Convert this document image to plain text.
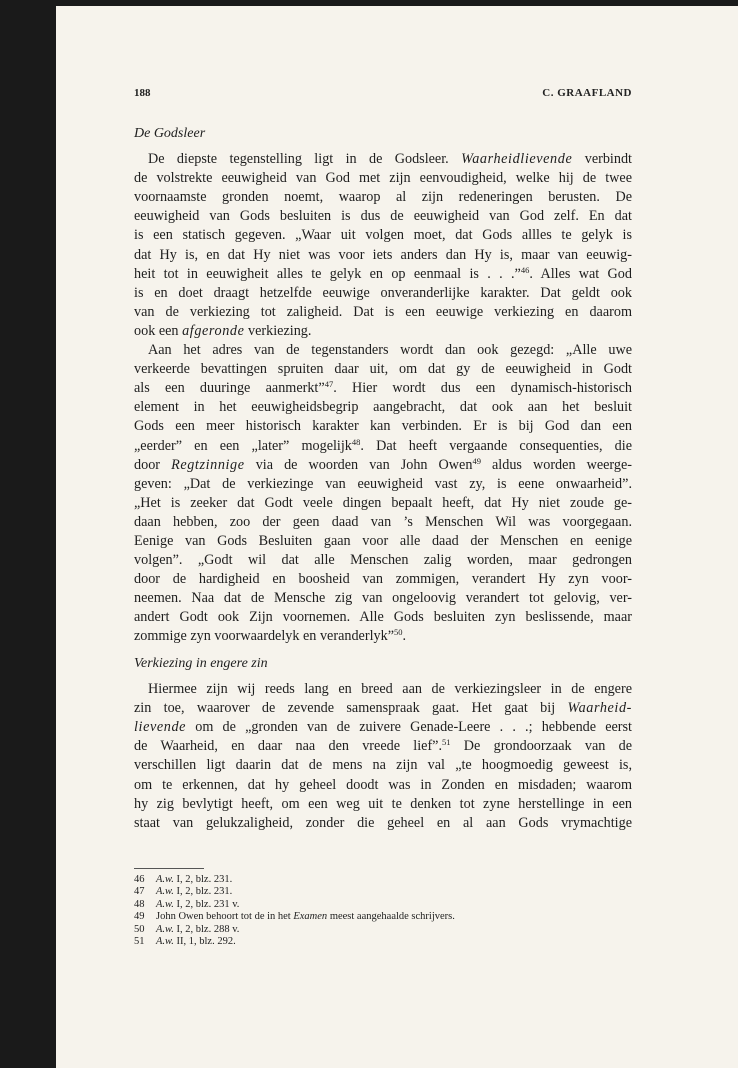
188	C. GRAAFLAND
De Godsleer
De diepste tegenstelling ligt in de Godsleer. Waarheidlievende verbindt
de volstrekte eeuwigheid van God met zijn eenvoudigheid, welke hij de twee
voornaamste gronden noemt, waarop al zijn redeneringen berusten. De
eeuwigheid van Gods besluiten is dus de eeuwigheid van God zelf. En dat
is een statisch gegeven. „Waar uit volgen moet, dat Gods allles te gelyk is
dat Hy is, en dat Hy niet was voor iets anders dan Hy is, maar van eeuwig-
heit tot in eeuwigheit alles te gelyk en op eenmaal is . . .”$^{46}$. Alles wat God
is en doet draagt hetzelfde eeuwige onveranderlijke karakter. Dat geldt ook
van de verkiezing tot zaligheid. Dat is een eeuwige verkiezing en daarom
ook een afgeronde verkiezing.
Aan het adres van de tegenstanders wordt dan ook gezegd: „Alle uwe
verkeerde bevattingen spruiten daar uit, om dat gy de eeuwigheid in Godt
als een duuringe aanmerkt”$^{47}$. Hier wordt dus een dynamisch-historisch
element in het eeuwigheidsbegrip aangebracht, dat ook aan het besluit
Gods een meer historisch karakter kan verbinden. Er is bij God dan een
„eerder” en een „later” mogelijk$^{48}$. Dat heeft vergaande consequenties, die
door Regtzinnige via de woorden van John Owen$^{49}$ aldus worden weerge-
geven: „Dat de verkiezinge van eeuwigheid vast zy, is eene onwaarheid”.
„Het is zeeker dat Godt veele dingen bepaalt heeft, dat Hy niet zoude ge-
daan hebben, zoo der geen daad van ’s Menschen Wil was voorgegaan.
Eenige van Gods Besluiten gaan voor alle daad der Menschen en eenige
volgen”. „Godt wil dat alle Menschen zalig worden, maar gedrongen
door de hardigheid en boosheid van zommigen, verandert Hy zyn voor-
neemen. Naa dat de Mensche zig van ongeloovig verandert tot gelovig, ver-
andert Godt ook Zijn voornemen. Alle Gods besluiten zyn beslissende, maar
zommige zyn voorwaardelyk en veranderlyk”$^{50}$.
Verkiezing in engere zin
Hiermee zijn wij reeds lang en breed aan de verkiezingsleer in de engere
zin toe, waarover de zevende samenspraak gaat. Het gaat bij Waarheid-
lievende om de „gronden van de zuivere Genade-Leere . . .; hebbende eerst
de Waarheid, en daar naa den vreede lief”.$^{51}$ De grondoorzaak van de
verschillen ligt daarin dat de mens na zijn val „te hoogmoedig geweest is,
om te erkennen, dat hy geheel doodt was in Zonden en misdaden; waarom
hy zig bevlytigt heeft, om een weg uit te denken tot zyne herstellinge in een
staat van gelukzaligheid, zonder die geheel en al aan Gods vrymachtige
46 A.w. I, 2, blz. 231.
47 A.w. I, 2, blz. 231.
48 A.w. I, 2, blz. 231 v.
49 John Owen behoort tot de in het Examen meest aangehaalde schrijvers.
50 A.w. I, 2, blz. 288 v.
51 A.w. II, 1, blz. 292.
